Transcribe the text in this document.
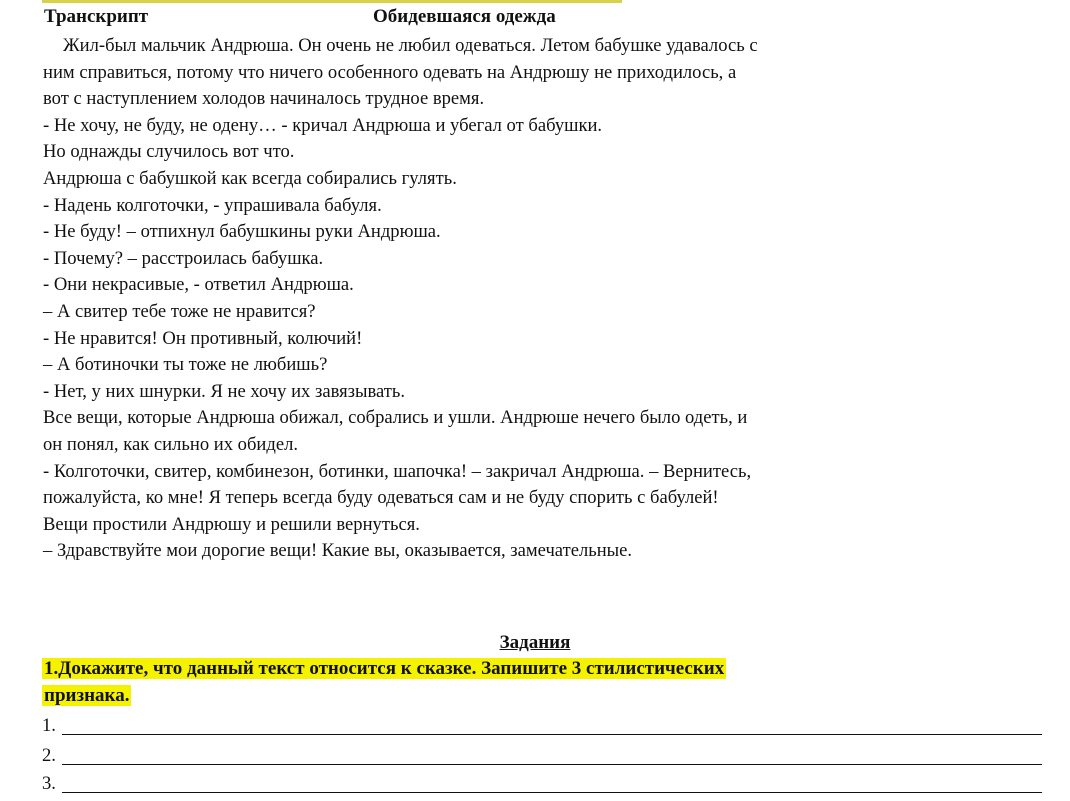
Транскрипт	Обидевшаяся одежда

Жил-был мальчик Андрюша. Он очень не любил одеваться. Летом бабушке удавалось с

ним справиться, потому что ничего особенного одевать на Андрюшу не приходилось, а

вот с наступлением холодов начиналось трудное время.

- Не хочу, не буду, не одену… - кричал Андрюша и убегал от бабушки.

Но однажды случилось вот что.

Андрюша с бабушкой как всегда собирались гулять.

- Надень колготочки, - упрашивала бабуля.

- Не буду! – отпихнул бабушкины руки Андрюша.

- Почему? – расстроилась бабушка.

- Они некрасивые, - ответил Андрюша.

– А свитер тебе тоже не нравится?

- Не нравится! Он противный, колючий!

– А ботиночки ты тоже не любишь?

- Нет, у них шнурки. Я не хочу их завязывать.

Все вещи, которые Андрюша обижал, собрались и ушли. Андрюше нечего было одеть, и

он понял, как сильно их обидел.

- Колготочки, свитер, комбинезон, ботинки, шапочка! – закричал Андрюша. – Вернитесь,

пожалуйста, ко мне! Я теперь всегда буду одеваться сам и не буду спорить с бабулей!

Вещи простили Андрюшу и решили вернуться.

– Здравствуйте мои дорогие вещи! Какие вы, оказывается, замечательные.

Задания
1.Докажите, что данный текст относится к сказке. Запишите 3 стилистических
признака.
1.
2.
3.
